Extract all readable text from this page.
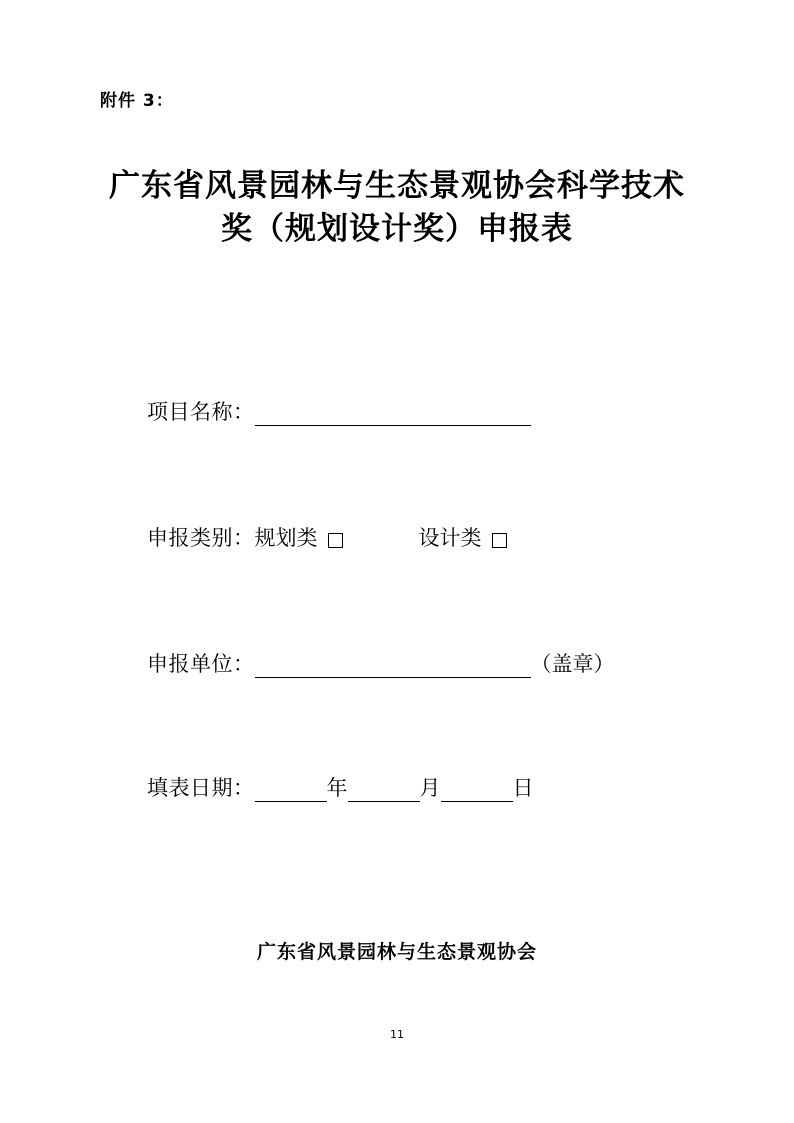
附件 3：
广东省风景园林与生态景观协会科学技术
奖（规划设计奖）申报表
项目名称：
申报类别： 规划类	设计类
申报单位：	（盖章）
填表日期：	年	月	日
广东省风景园林与生态景观协会
11
